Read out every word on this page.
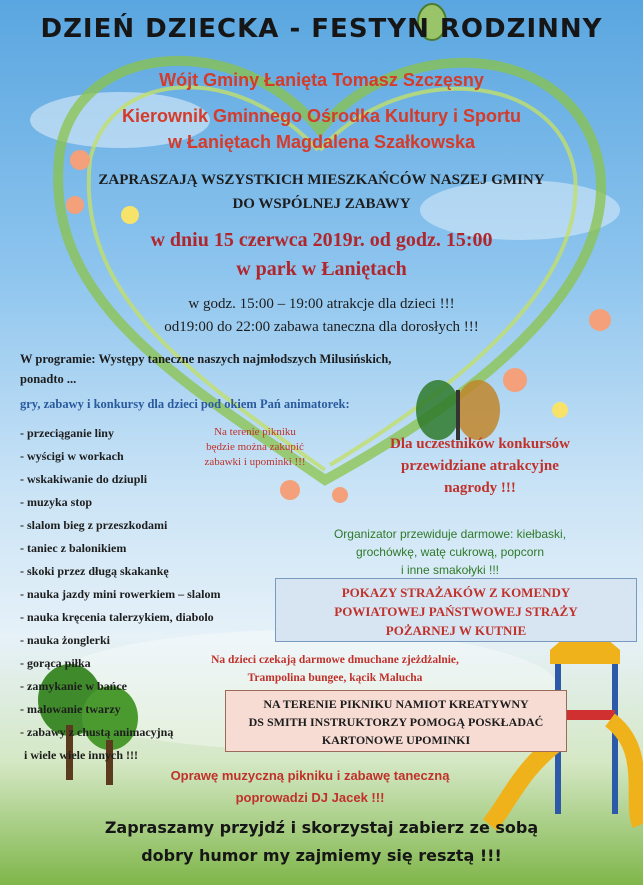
DZIEŃ DZIECKA - FESTYN RODZINNY
Wójt Gminy Łanięta Tomasz Szczęsny
Kierownik Gminnego Ośrodka Kultury i Sportu
w Łaniętach Magdalena Szałkowska
ZAPRASZAJĄ WSZYSTKICH MIESZKAŃCÓW NASZEJ GMINY
DO WSPÓLNEJ ZABAWY
w dniu 15 czerwca 2019r. od godz. 15:00
w park w Łaniętach
w godz. 15:00 – 19:00 atrakcje dla dzieci !!!
od19:00 do 22:00 zabawa taneczna dla dorosłych !!!
W programie: Występy taneczne naszych najmłodszych Milusińskich,
ponadto ...
gry, zabawy i konkursy dla dzieci pod okiem Pań animatorek:
- przeciąganie liny
- wyścigi w workach
- wskakiwanie do dziupli
- muzyka stop
- slalom bieg z przeszkodami
- taniec z balonikiem
- skoki przez długą skakankę
- nauka jazdy mini rowerkiem – slalom
- nauka kręcenia talerzykiem, diabolo
- nauka żonglerki
- gorąca piłka
- zamykanie w bańce
- malowanie twarzy
- zabawy z chustą animacyjną
i wiele wiele innych !!!
Na terenie pikniku
będzie można zakupić
zabawki i upominki !!!
Dla uczestników konkursów
przewidziane atrakcyjne
nagrody !!!
Organizator przewiduje darmowe: kiełbaski,
grochówkę, watę cukrową, popcorn
i inne smakołyki !!!
POKAZY STRAŻAKÓW Z KOMENDY
POWIATOWEJ PAŃSTWOWEJ STRAŻY
POŻARNEJ W KUTNIE
Na dzieci czekają darmowe dmuchane zjeżdżalnie,
Trampolina bungee, kącik Malucha
NA TERENIE PIKNIKU NAMIOT KREATYWNY
DS SMITH INSTRUKTORZY POMOGĄ POSKŁADAĆ
KARTONOWE UPOMINKI
Oprawę muzyczną pikniku i zabawę taneczną
poprowadzi DJ Jacek !!!
Zapraszamy przyjdź i skorzystaj zabierz ze sobą
dobry humor my zajmiemy się resztą !!!
